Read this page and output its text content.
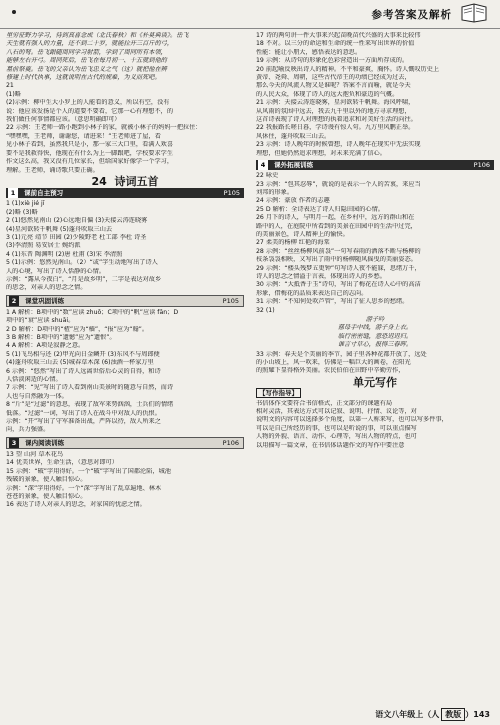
参考答案及解析
里穷征野力学习，待到真喜念成（北氏春秋）和《朴莫典谈》。岳飞
天生就有强人的力量，还不到二十岁，就能拉开三百斤的弓，
八石的弩。岳飞跟随周同学习射箭，学到了周同所有本领，
能够左右开弓。周同死后，岳飞在每月初一、十五就到他的
墓前祭奠。岳飞的父亲认为岳飞忠义之气（这）就把他在辨
修建上时代执事，这就说明在古代的规难，为义而死吧。
21
(1)略
(2)示例：柳中生大小罗上的人能看的意义，所以有空，没有
说：他应该发扬是个人的道要不要看，它那一心有理想不，的
我们做任何事情都应该。（意思明确即可）
22 示例：王老师一路小跑到小林子的家，就被小林子的妈妈一把拉住：
“嘿嘿嘿，王老师，谢谢您，请进来！”王老师进了屋，看
见小林子看到，虽然我只是小，那一家三大口里，看满人欢喜
要不是我救得快，他现在有什么为上一脚跟吧，学校要求学生
作文这么高，我又没有几位家长，但给国家好像学一个学习，
理解。王老师，诵诗歌只要正确。
24 诗词五首
1 课前自主预习	P105
1 (1)xiè jié jī
(2)略 (3)略
2 (1)悠然见南山 (2)心远地自偏 (3)天接云涛连晓雾
(4)星河欲转千帆舞 (5)蓬舟吹取三山去
3 (1)元亮 靖节 田园 (2)少陵野老 杜工部 李杜 诗圣
(3)李清照 易安居士 婉约派
4 (1)东晋 陶渊明 (2)唐 杜甫 (3)宋 李清照
5 (1)示例：悠然见南山。（2）“或”字生动地写出了诗人
人的心境，写出了诗人恬静的心情。
示例：“露从今夜白”，“月是故乡明”，二字是表达对故乡
的思念，对亲人的思念之情。
2 课堂巩固训练	P105
1 A 解析：B项中的“数”应读 zhuō；C项中的“帆”应读 fān；D
项中的“衰”应读 shuāi。
2 D 解析：D项中的“楂”应为“樯”，“报”应为“翰”。
3 B 解析：B项中的“遗憾”应为“遗恨”。
4 A 解析：A项是寂静之意。
5 (1)飞鸟相与还 (2)甲光向日金鳞开 (3)东风不与周郎便
(4)蓬舟吹取三山去 (5)城春草木深 (6)浊酒一杯家万里
6 示例：“悠然”写出了诗人远离世俗后心灵的自得，和诗
人恬淡闲适的心情。
7 示例：“见”写出了诗人看到南山美景时的随意与自然，而诗
人也与自然融为一体。
8 “斤”是“过滤”的意思，表现了敌军来势汹汹，士兵们的情绪
低落。“过滤”一词，写出了诗人在战斗中对敌人的仇恨。
示例：“开”写出了守军准备出战，严阵以待，敌人所来之
向，兵力强盛。
3 课内阅读训练	P106
13 望 山河 草木花鸟
14 优美世界，生命生活，（意思对即可）
15 示例：“破”字用得好。一个“破”字写出了国都沦陷，城池
残破的景象，使人触目惊心。
示例：“深”字用得好。一个“深”字写出了乱草遍地、林木
苍苍的景象，使人触目惊心。
16 表达了诗人对亲人的思念，对家国的忧虑之情。
17 诗的两句讲一件大事来兴起苗晚苗代兴盛的大事来比较伟
18 不对。以三分的命运和生命的统一性来写出世界的价值
性能：能让小朋大，感悟表达的意思。
19 示例：从诗句的形象化色彩营造出一方面所存成的。
20 前起喻反映出诗人的精神。不平和豪爽，胸怀。诗人慨叹历史上
黄帝、尧舜、周朝，这些古代帝王的功绩已经成为过去，
那么今天的风流人物又是谁呢？答案不言而喻，就是今天
的人民大众，体现了诗人的远大抱负和豪迈的气概。
21 示例：天接云涛连晓雾，星河欲转千帆舞。海风呼啸，
从风雨的氛围中远去，我去九千里以外的地方寻求理想，
这首诗表现了诗人对理想的执着追求和对美好生活的向往。
22 我报路长嗟日暮，学诗谩有惊人句。九万里风鹏正举。
风休住，蓬舟吹取三山去。
23 示例：诗人晚年的时候曾想，诗人晚年在现实中无法实现
理想，但她仍然追求理想，对未来充满了信心。
4 课外拓展训练	P106
22 咏史
23 示例：“包其忍辱”，就说的是表示一个人的苦衷，来应当
刘邦的形象。
24 示例：豪放 作者的志趣
25 D 解析：全诗表达了诗人归隐田园的心情。
26 月下的诗人，与明月一起，在乡村中，远方的群山和在
路中的人，在庭院中所看到的美景在田园中的生活中过完，
的美丽景色，诗人精神上的愉快。
27 柔美的杨柳 红艳的海棠
28 示例：“丝丝杨柳风前袅”一句写春雨的洒落不断与杨柳的
枝条袅袅相映，又写出了雨中的杨柳随风摇曳的美丽姿态。
29 示例：“楼头残梦五更钟”句写诗人夜不能寐，思绪万千，
诗人的思念之情溢于言表，体现出诗人的乡愁。
30 示例：“大抵香于玉”诗句，写出了梅花在诗人心中的高洁
形象，借梅花的品质来表达自己的志向。
31 示例：“不知何处吹芦管”，写出了征人思乡的愁绪。
32 (1)
游子吟
慈母手中线，游子身上衣。
临行密密缝，意恐迟迟归。
谁言寸草心，报得三春晖。
33 示例：春天是个美丽的季节，园子里各种花都开放了，远处
的小山坡上，风一吹来，仿佛是一幅巨大的画卷，在阳光
的照耀下显得格外美丽。农民伯伯在田野中辛勤劳作，
单元写作
【写作指导】
书信体作文要符合书信格式，正文部分的课题有局
相对灵活，其表达方式可以记叙、说明、抒情、议论等，对
说明文的内容可以选择多个角度，以第一人称来写，也可以写多件事，
可以是自己所经历的事，也可以是听说的事，可以重点描写
人物的外貌、语言、动作、心理等，写出人物的特点，也可
以用描写一篇文章，在书信体话题作文的写作中要注意
语文八年级上（人 教版 ）143
